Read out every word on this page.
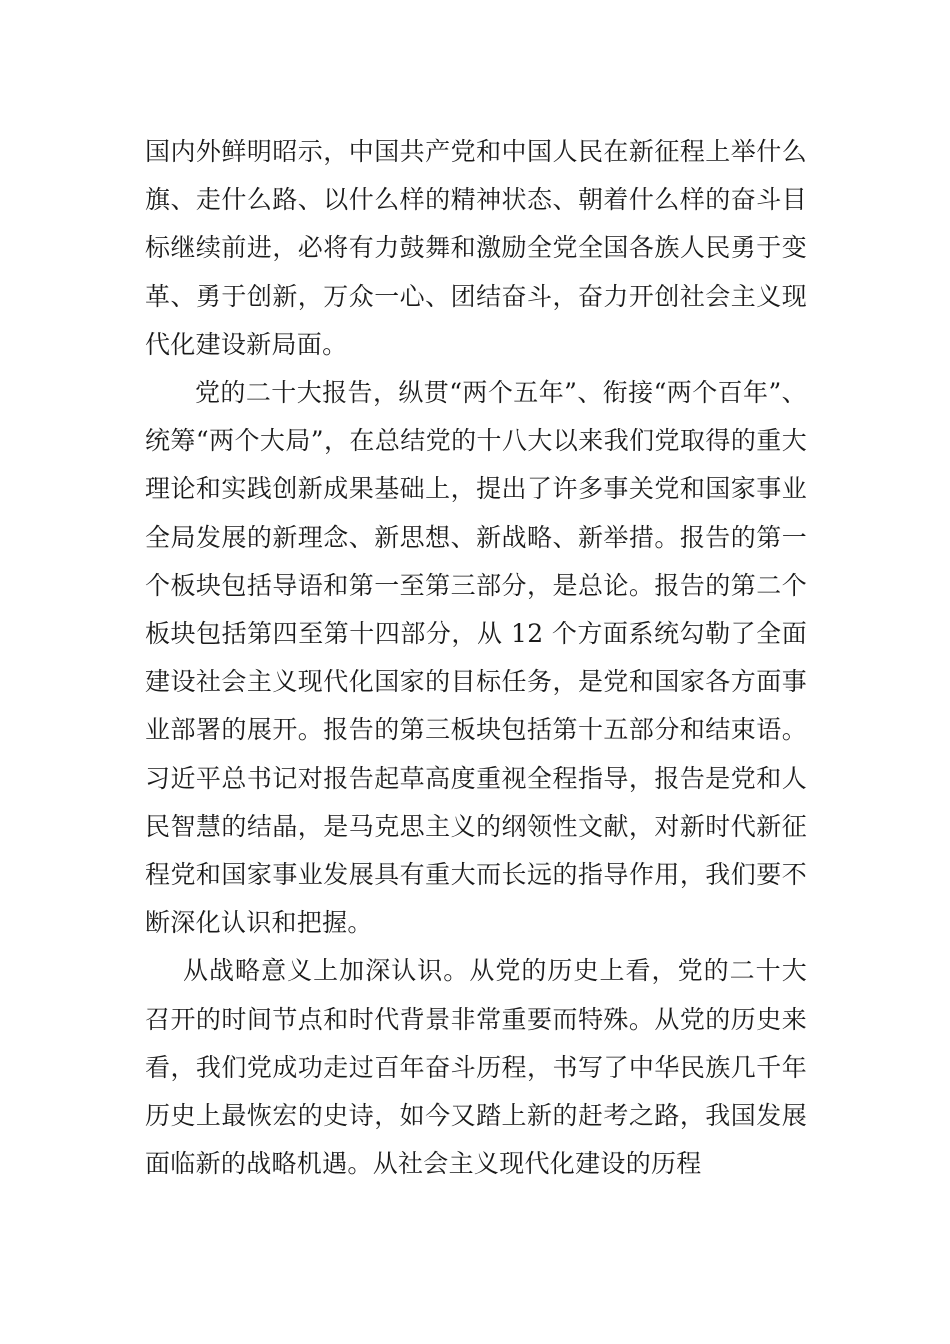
国内外鲜明昭示，中国共产党和中国人民在新征程上举什么旗、走什么路、以什么样的精神状态、朝着什么样的奋斗目标继续前进，必将有力鼓舞和激励全党全国各族人民勇于变革、勇于创新，万众一心、团结奋斗，奋力开创社会主义现代化建设新局面。

党的二十大报告，纵贯“两个五年”、衔接“两个百年”、统筹“两个大局”，在总结党的十八大以来我们党取得的重大理论和实践创新成果基础上，提出了许多事关党和国家事业全局发展的新理念、新思想、新战略、新举措。报告的第一个板块包括导语和第一至第三部分，是总论。报告的第二个板块包括第四至第十四部分，从 12 个方面系统勾勒了全面建设社会主义现代化国家的目标任务，是党和国家各方面事业部署的展开。报告的第三板块包括第十五部分和结束语。习近平总书记对报告起草高度重视全程指导，报告是党和人民智慧的结晶，是马克思主义的纲领性文献，对新时代新征程党和国家事业发展具有重大而长远的指导作用，我们要不断深化认识和把握。

从战略意义上加深认识。从党的历史上看，党的二十大召开的时间节点和时代背景非常重要而特殊。从党的历史来看，我们党成功走过百年奋斗历程，书写了中华民族几千年历史上最恢宏的史诗，如今又踏上新的赶考之路，我国发展面临新的战略机遇。从社会主义现代化建设的历程
